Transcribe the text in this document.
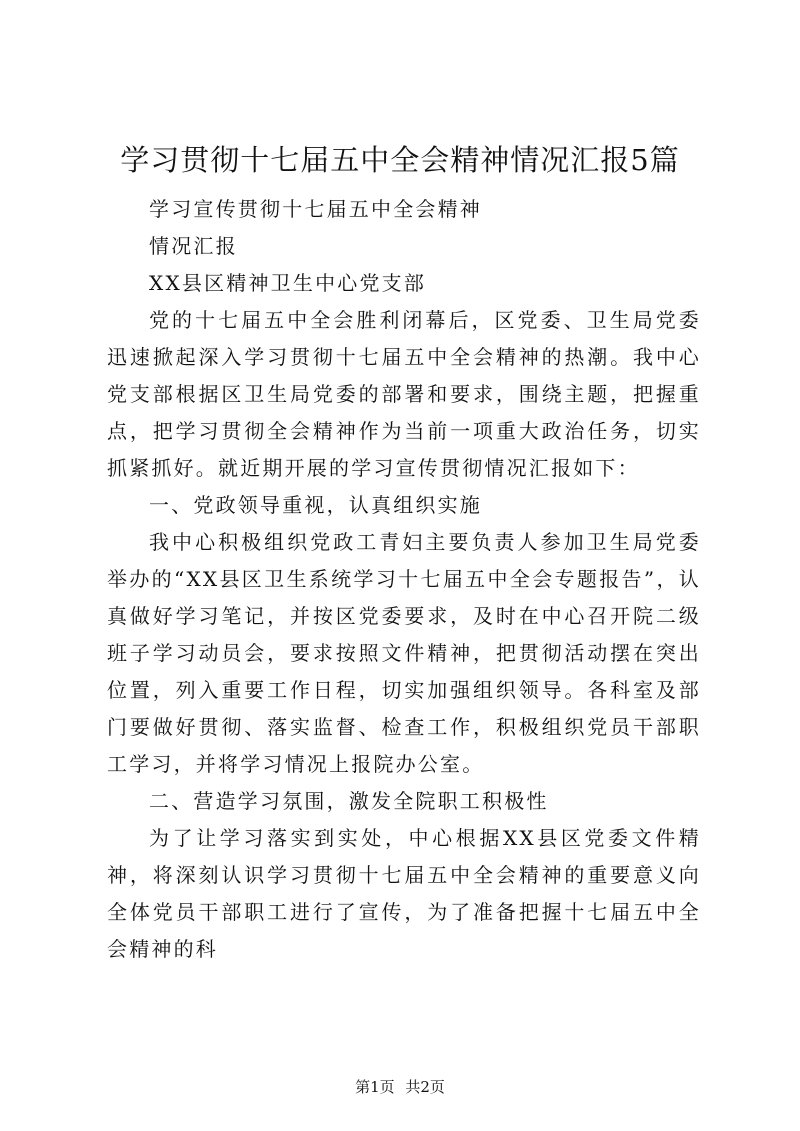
学习贯彻十七届五中全会精神情况汇报5篇

学习宣传贯彻十七届五中全会精神

情况汇报

XX县区精神卫生中心党支部

党的十七届五中全会胜利闭幕后，区党委、卫生局党委迅速掀起深入学习贯彻十七届五中全会精神的热潮。我中心党支部根据区卫生局党委的部署和要求，围绕主题，把握重点，把学习贯彻全会精神作为当前一项重大政治任务，切实抓紧抓好。就近期开展的学习宣传贯彻情况汇报如下：

一、党政领导重视，认真组织实施

我中心积极组织党政工青妇主要负责人参加卫生局党委举办的“XX县区卫生系统学习十七届五中全会专题报告”，认真做好学习笔记，并按区党委要求，及时在中心召开院二级班子学习动员会，要求按照文件精神，把贯彻活动摆在突出位置，列入重要工作日程，切实加强组织领导。各科室及部门要做好贯彻、落实监督、检查工作，积极组织党员干部职工学习，并将学习情况上报院办公室。

二、营造学习氛围，激发全院职工积极性

为了让学习落实到实处，中心根据XX县区党委文件精神，将深刻认识学习贯彻十七届五中全会精神的重要意义向全体党员干部职工进行了宣传，为了准备把握十七届五中全会精神的科

第1页 共2页
